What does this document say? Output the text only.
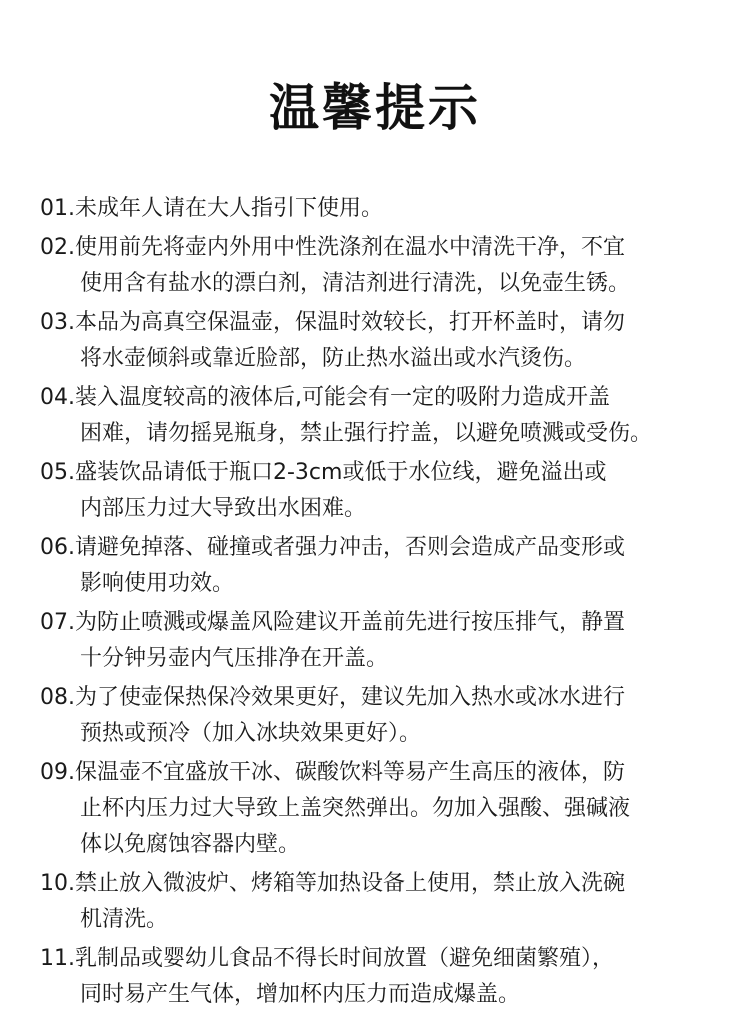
温馨提示
01.未成年人请在大人指引下使用。
02.使用前先将壶内外用中性洗涤剂在温水中清洗干净，不宜
使用含有盐水的漂白剂，清洁剂进行清洗，以免壶生锈。
03.本品为高真空保温壶，保温时效较长，打开杯盖时，请勿
将水壶倾斜或靠近脸部，防止热水溢出或水汽烫伤。
04.装入温度较高的液体后,可能会有一定的吸附力造成开盖
困难，请勿摇晃瓶身，禁止强行拧盖，以避免喷溅或受伤。
05.盛装饮品请低于瓶口2-3cm或低于水位线，避免溢出或
内部压力过大导致出水困难。
06.请避免掉落、碰撞或者强力冲击，否则会造成产品变形或
影响使用功效。
07.为防止喷溅或爆盖风险建议开盖前先进行按压排气，静置
十分钟另壶内气压排净在开盖。
08.为了使壶保热保冷效果更好，建议先加入热水或冰水进行
预热或预冷（加入冰块效果更好）。
09.保温壶不宜盛放干冰、碳酸饮料等易产生高压的液体，防
止杯内压力过大导致上盖突然弹出。勿加入强酸、强碱液
体以免腐蚀容器内壁。
10.禁止放入微波炉、烤箱等加热设备上使用，禁止放入洗碗
机清洗。
11.乳制品或婴幼儿食品不得长时间放置（避免细菌繁殖），
同时易产生气体，增加杯内压力而造成爆盖。
